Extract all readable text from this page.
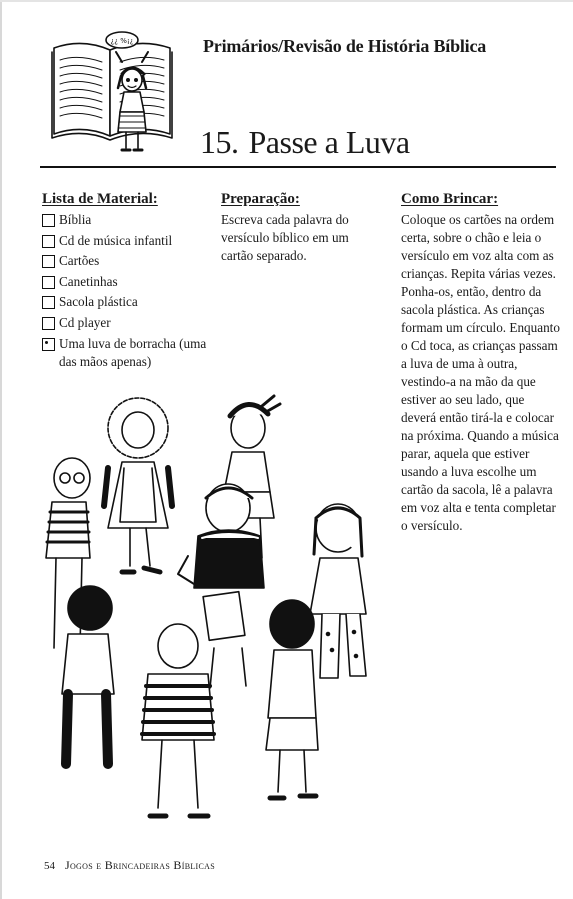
¿¿ %¡¿	Primários/Revisão de História Bíblica
15. Passe a Luva
Lista de Material:
Bíblia
Cd de música infantil
Cartões
Canetinhas
Sacola plástica
Cd player
Uma luva de borracha (uma das mãos apenas)
Preparação:

Escreva cada palavra do versículo bíblico em um cartão separado.

Como Brincar:

Coloque os cartões na ordem certa, sobre o chão e leia o versículo em voz alta com as crianças. Repita várias vezes. Ponha-os, então, dentro da sacola plástica. As crianças formam um círculo. Enquanto o Cd toca, as crianças passam a luva de uma à outra, vestindo-a na mão da que estiver ao seu lado, que deverá então tirá-la e colocar na próxima. Quando a música parar, aquela que estiver usando a luva escolhe um cartão da sacola, lê a palavra em voz alta e tenta completar o versículo.

54 Jogos e Brincadeiras Bíblicas
